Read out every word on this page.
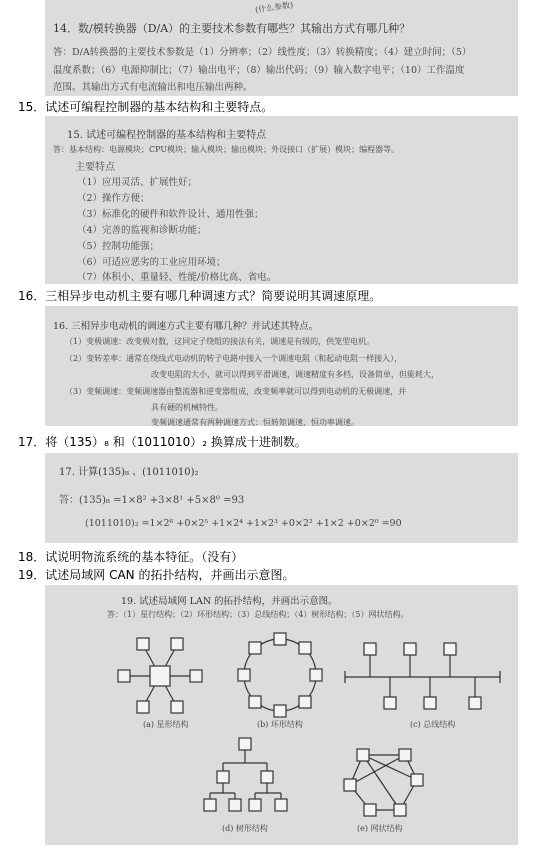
(什么参数)
14．数/模转换器（D/A）的主要技术参数有哪些？其输出方式有哪几种？
答：D/A转换器的主要技术参数是（1）分辨率；（2）线性度；（3）转换精度；（4）建立时间；（5）
温度系数；（6）电源抑制比；（7）输出电平；（8）输出代码；（9）输入数字电平；（10）工作温度
范围。其输出方式有电流输出和电压输出两种。
15．试述可编程控制器的基本结构和主要特点。
15. 试述可编程控制器的基本结构和主要特点
答：基本结构：电源模块；CPU模块；输入模块；输出模块；外设接口（扩展）模块；编程器等。
主要特点
（1）应用灵活、扩展性好；
（2）操作方便；
（3）标准化的硬件和软件设计、通用性强；
（4）完善的监视和诊断功能；
（5）控制功能强；
（6）可适应恶劣的工业应用环境；
（7）体积小、重量轻、性能/价格比高、省电。
16．三相异步电动机主要有哪几种调速方式？简要说明其调速原理。
16. 三相异步电动机的调速方式主要有哪几种？并试述其特点。
（1）变极调速：改变极对数，这同定子绕组的接法有关，调速是有级的，供笼型电机。
（2）变转差率：通常在绕线式电动机的转子电路中接入一个调速电阻（和起动电阻一样接入），
改变电阻的大小，就可以得到平滑调速，调速精度有多档，设备简单，但能耗大，
（3）变频调速：变频调速器由整流器和逆变器组成，改变频率就可以得到电动机的无极调速，并
具有硬的机械特性。
变频调速通常有两种调速方式：恒转矩调速，恒功率调速。
17．将（135）₈ 和（1011010）₂ 换算成十进制数。
17. 计算(135)₈ 、(1011010)₂
答：(135)₈ =1×8² +3×8¹ +5×8⁰ =93
(1011010)₂ =1×2⁶ +0×2⁵ +1×2⁴ +1×2³ +0×2² +1×2 +0×2⁰ =90
18．试说明物流系统的基本特征。（没有）
19．试述局域网 CAN 的拓扑结构，并画出示意图。
19. 试述局域网 LAN 的拓扑结构，并画出示意图。
答：（1）星行结构；（2）环形结构；（3）总线结构；（4）树形结构；（5）网状结构。
(a) 星形结构	(b) 环形结构	(c) 总线结构
(d) 树形结构	(e) 网状结构
